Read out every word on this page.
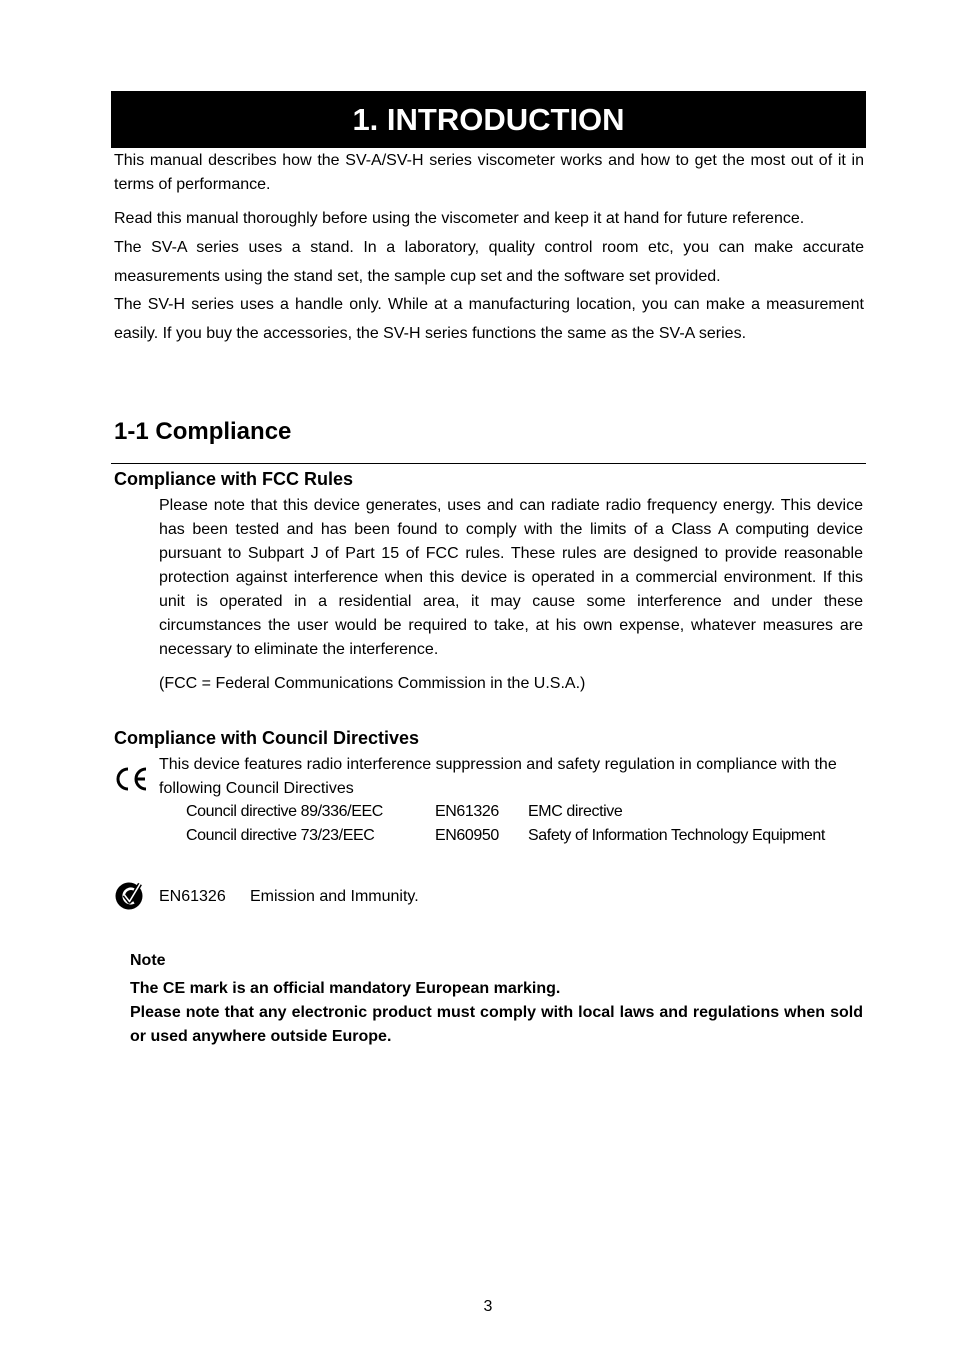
1. INTRODUCTION

This manual describes how the SV-A/SV-H series viscometer works and how to get the most out of it in terms of performance.

Read this manual thoroughly before using the viscometer and keep it at hand for future reference.

The SV-A series uses a stand. In a laboratory, quality control room etc, you can make accurate measurements using the stand set, the sample cup set and the software set provided.

The SV-H series uses a handle only. While at a manufacturing location, you can make a measurement easily. If you buy the accessories, the SV-H series functions the same as the SV-A series.

1-1 Compliance
Compliance with FCC Rules

Please note that this device generates, uses and can radiate radio frequency energy. This device has been tested and has been found to comply with the limits of a Class A computing device pursuant to Subpart J of Part 15 of FCC rules. These rules are designed to provide reasonable protection against interference when this device is operated in a commercial environment. If this unit is operated in a residential area, it may cause some interference and under these circumstances the user would be required to take, at his own expense, whatever measures are necessary to eliminate the interference.

(FCC = Federal Communications Commission in the U.S.A.)

Compliance with Council Directives

This device features radio interference suppression and safety regulation in compliance with the following Council Directives

Council directive 89/336/EEC	EN61326 EMC directive
Council directive 73/23/EEC	EN60950 Safety of Information Technology Equipment
EN61326 Emission and Immunity.

Note

The CE mark is an official mandatory European marking.

Please note that any electronic product must comply with local laws and regulations when sold or used anywhere outside Europe.

3
